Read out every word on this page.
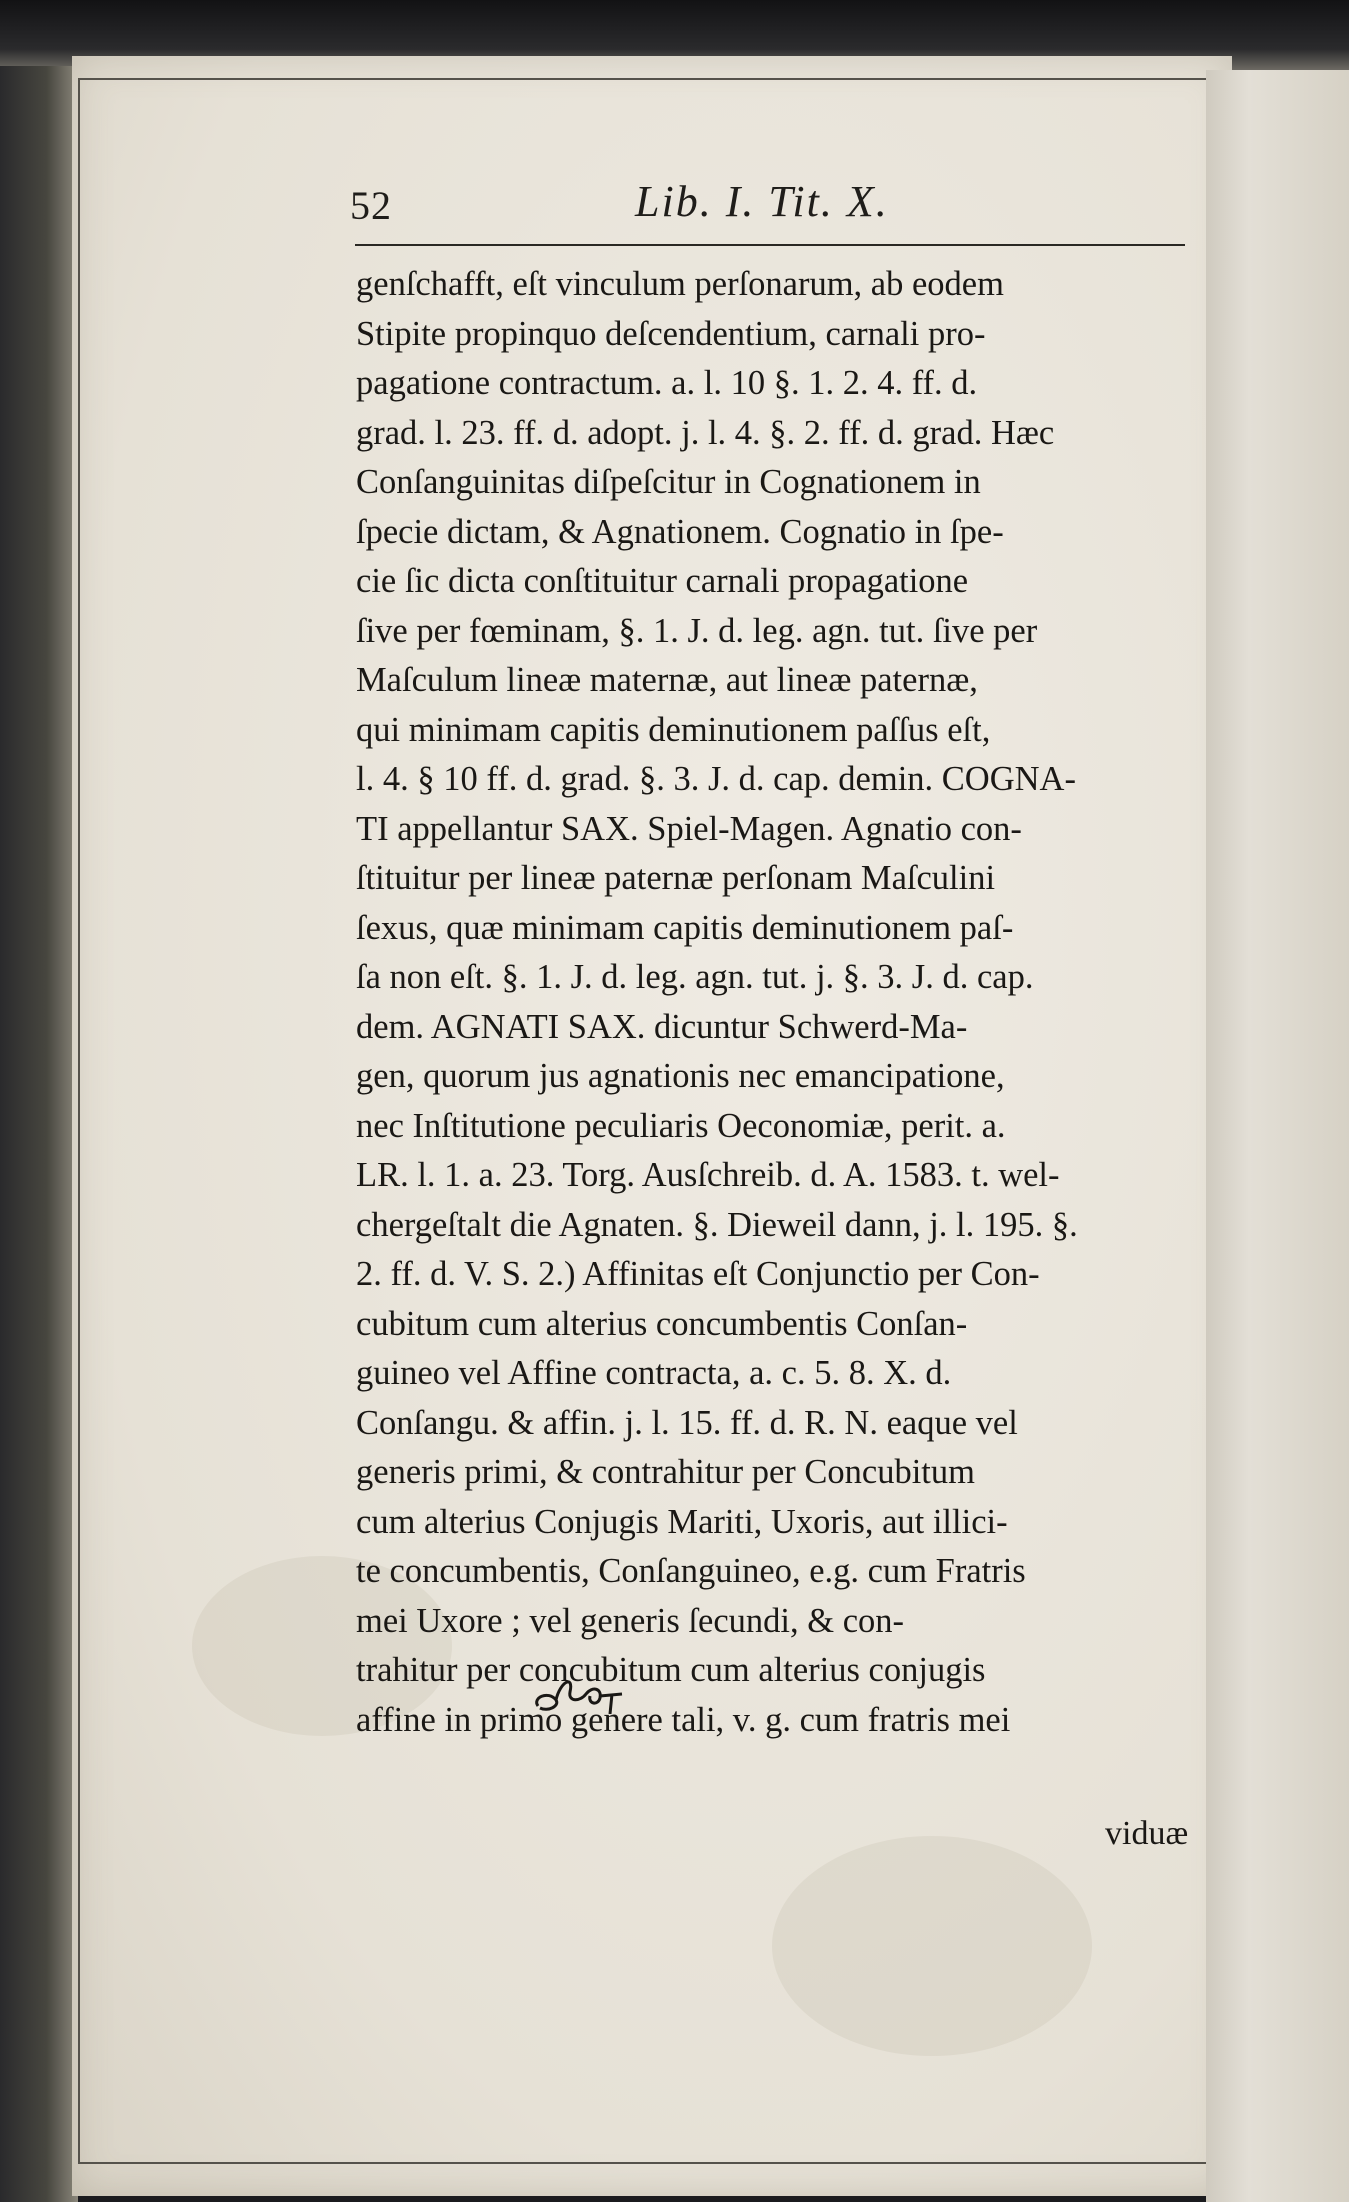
52	Lib. I. Tit. X.
genſchafft, eſt vinculum perſonarum, ab eodem
Stipite propinquo deſcendentium, carnali pro-
pagatione contractum. a. l. 10 §. 1. 2. 4. ff. d.
grad. l. 23. ff. d. adopt. j. l. 4. §. 2. ff. d. grad. Hæc
Conſanguinitas diſpeſcitur in Cognationem in
ſpecie dictam, & Agnationem. Cognatio in ſpe-
cie ſic dicta conſtituitur carnali propagatione
ſive per fœminam, §. 1. J. d. leg. agn. tut. ſive per
Maſculum lineæ maternæ, aut lineæ paternæ,
qui minimam capitis deminutionem paſſus eſt,
l. 4. § 10 ff. d. grad. §. 3. J. d. cap. demin. COGNA-
TI appellantur SAX. Spiel-Magen. Agnatio con-
ſtituitur per lineæ paternæ perſonam Maſculini
ſexus, quæ minimam capitis deminutionem paſ-
ſa non eſt. §. 1. J. d. leg. agn. tut. j. §. 3. J. d. cap.
dem. AGNATI SAX. dicuntur Schwerd-Ma-
gen, quorum jus agnationis nec emancipatione,
nec Inſtitutione peculiaris Oeconomiæ, perit. a.
LR. l. 1. a. 23. Torg. Ausſchreib. d. A. 1583. t. wel-
chergeſtalt die Agnaten. §. Dieweil dann, j. l. 195. §.
2. ff. d. V. S. 2.) Affinitas eſt Conjunctio per Con-
cubitum cum alterius concumbentis Conſan-
guineo vel Affine contracta, a. c. 5. 8. X. d.
Conſangu. & affin. j. l. 15. ff. d. R. N. eaque vel
generis primi, & contrahitur per Concubitum
cum alterius Conjugis Mariti, Uxoris, aut illici-
te concumbentis, Conſanguineo, e.g. cum Fratris
mei Uxore ; vel generis ſecundi, & con-
trahitur per concubitum cum alterius conjugis
affine in primo genere tali, v. g. cum fratris mei
viduæ
